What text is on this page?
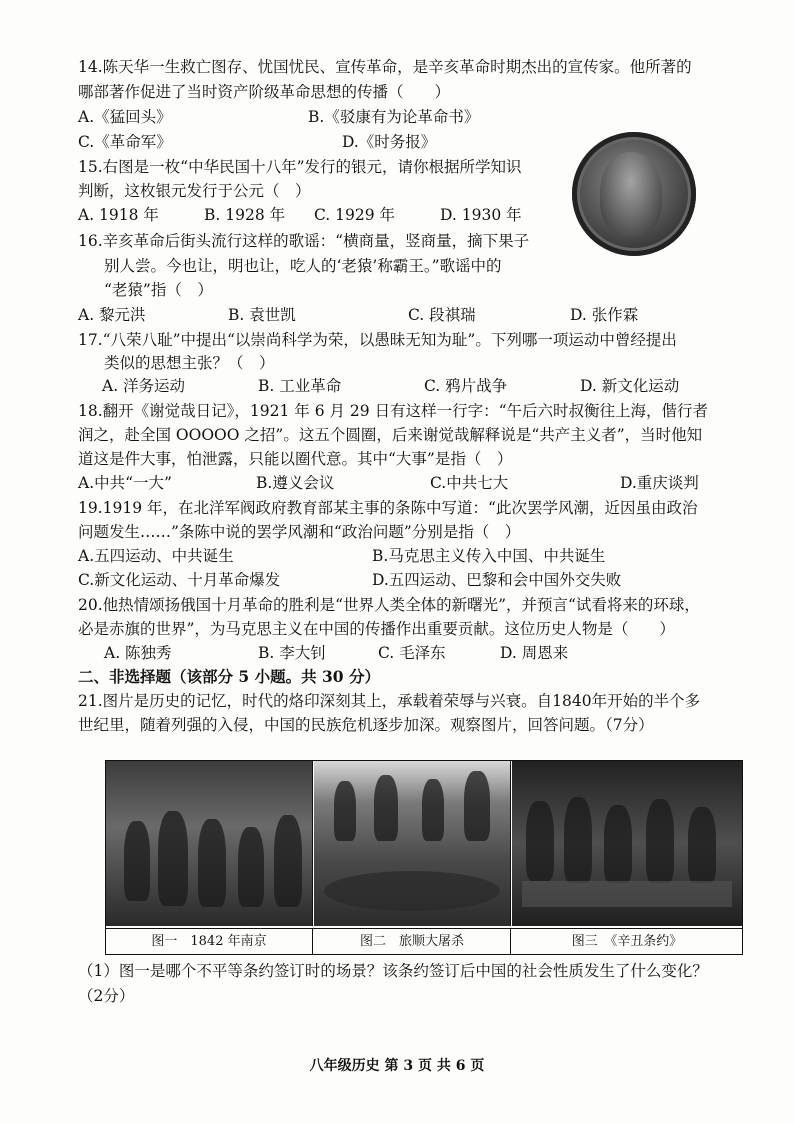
14.陈天华一生救亡图存、忧国忧民、宣传革命，是辛亥革命时期杰出的宣传家。他所著的
哪部著作促进了当时资产阶级革命思想的传播（　　）
A.《猛回头》	B.《驳康有为论革命书》
C.《革命军》	D.《时务报》
15.右图是一枚“中华民国十八年”发行的银元，请你根据所学知识
判断，这枚银元发行于公元（　）
A. 1918 年	B. 1928 年 C. 1929 年	D. 1930 年
16.辛亥革命后街头流行这样的歌谣：“横商量，竖商量，摘下果子
别人尝。今也让，明也让，吃人的‘老猿’称霸王。”歌谣中的
“老猿”指（　）
A. 黎元洪	B. 袁世凯	C. 段祺瑞	D. 张作霖
17.“八荣八耻”中提出“以崇尚科学为荣，以愚昧无知为耻”。下列哪一项运动中曾经提出
类似的思想主张？（　）
A. 洋务运动	B. 工业革命	C. 鸦片战争	D. 新文化运动
18.翻开《谢觉哉日记》，1921 年 6 月 29 日有这样一行字：“午后六时叔衡往上海，偕行者
润之，赴全国 OOOOO 之招”。这五个圆圈，后来谢觉哉解释说是“共产主义者”，当时他知
道这是件大事，怕泄露，只能以圈代意。其中“大事”是指（　）
A.中共“一大”	B.遵义会议	C.中共七大	D.重庆谈判
19.1919 年，在北洋军阀政府教育部某主事的条陈中写道：“此次罢学风潮，近因虽由政治
问题发生……”条陈中说的罢学风潮和“政治问题”分别是指（　）
A.五四运动、中共诞生	B.马克思主义传入中国、中共诞生
C.新文化运动、十月革命爆发	D.五四运动、巴黎和会中国外交失败
20.他热情颂扬俄国十月革命的胜利是“世界人类全体的新曙光”，并预言“试看将来的环球，
必是赤旗的世界”，为马克思主义在中国的传播作出重要贡献。这位历史人物是（　　）
A. 陈独秀	B. 李大钊	C. 毛泽东	D. 周恩来
二、非选择题（该部分 5 小题。共 30 分）
21.图片是历史的记忆，时代的烙印深刻其上，承载着荣辱与兴衰。自1840年开始的半个多
世纪里，随着列强的入侵，中国的民族危机逐步加深。观察图片，回答问题。（7分）
图一　1842 年南京	图二　旅顺大屠杀	图三　《辛丑条约》
（1）图一是哪个不平等条约签订时的场景？该条约签订后中国的社会性质发生了什么变化？
（2分）
八年级历史 第 3 页 共 6 页
